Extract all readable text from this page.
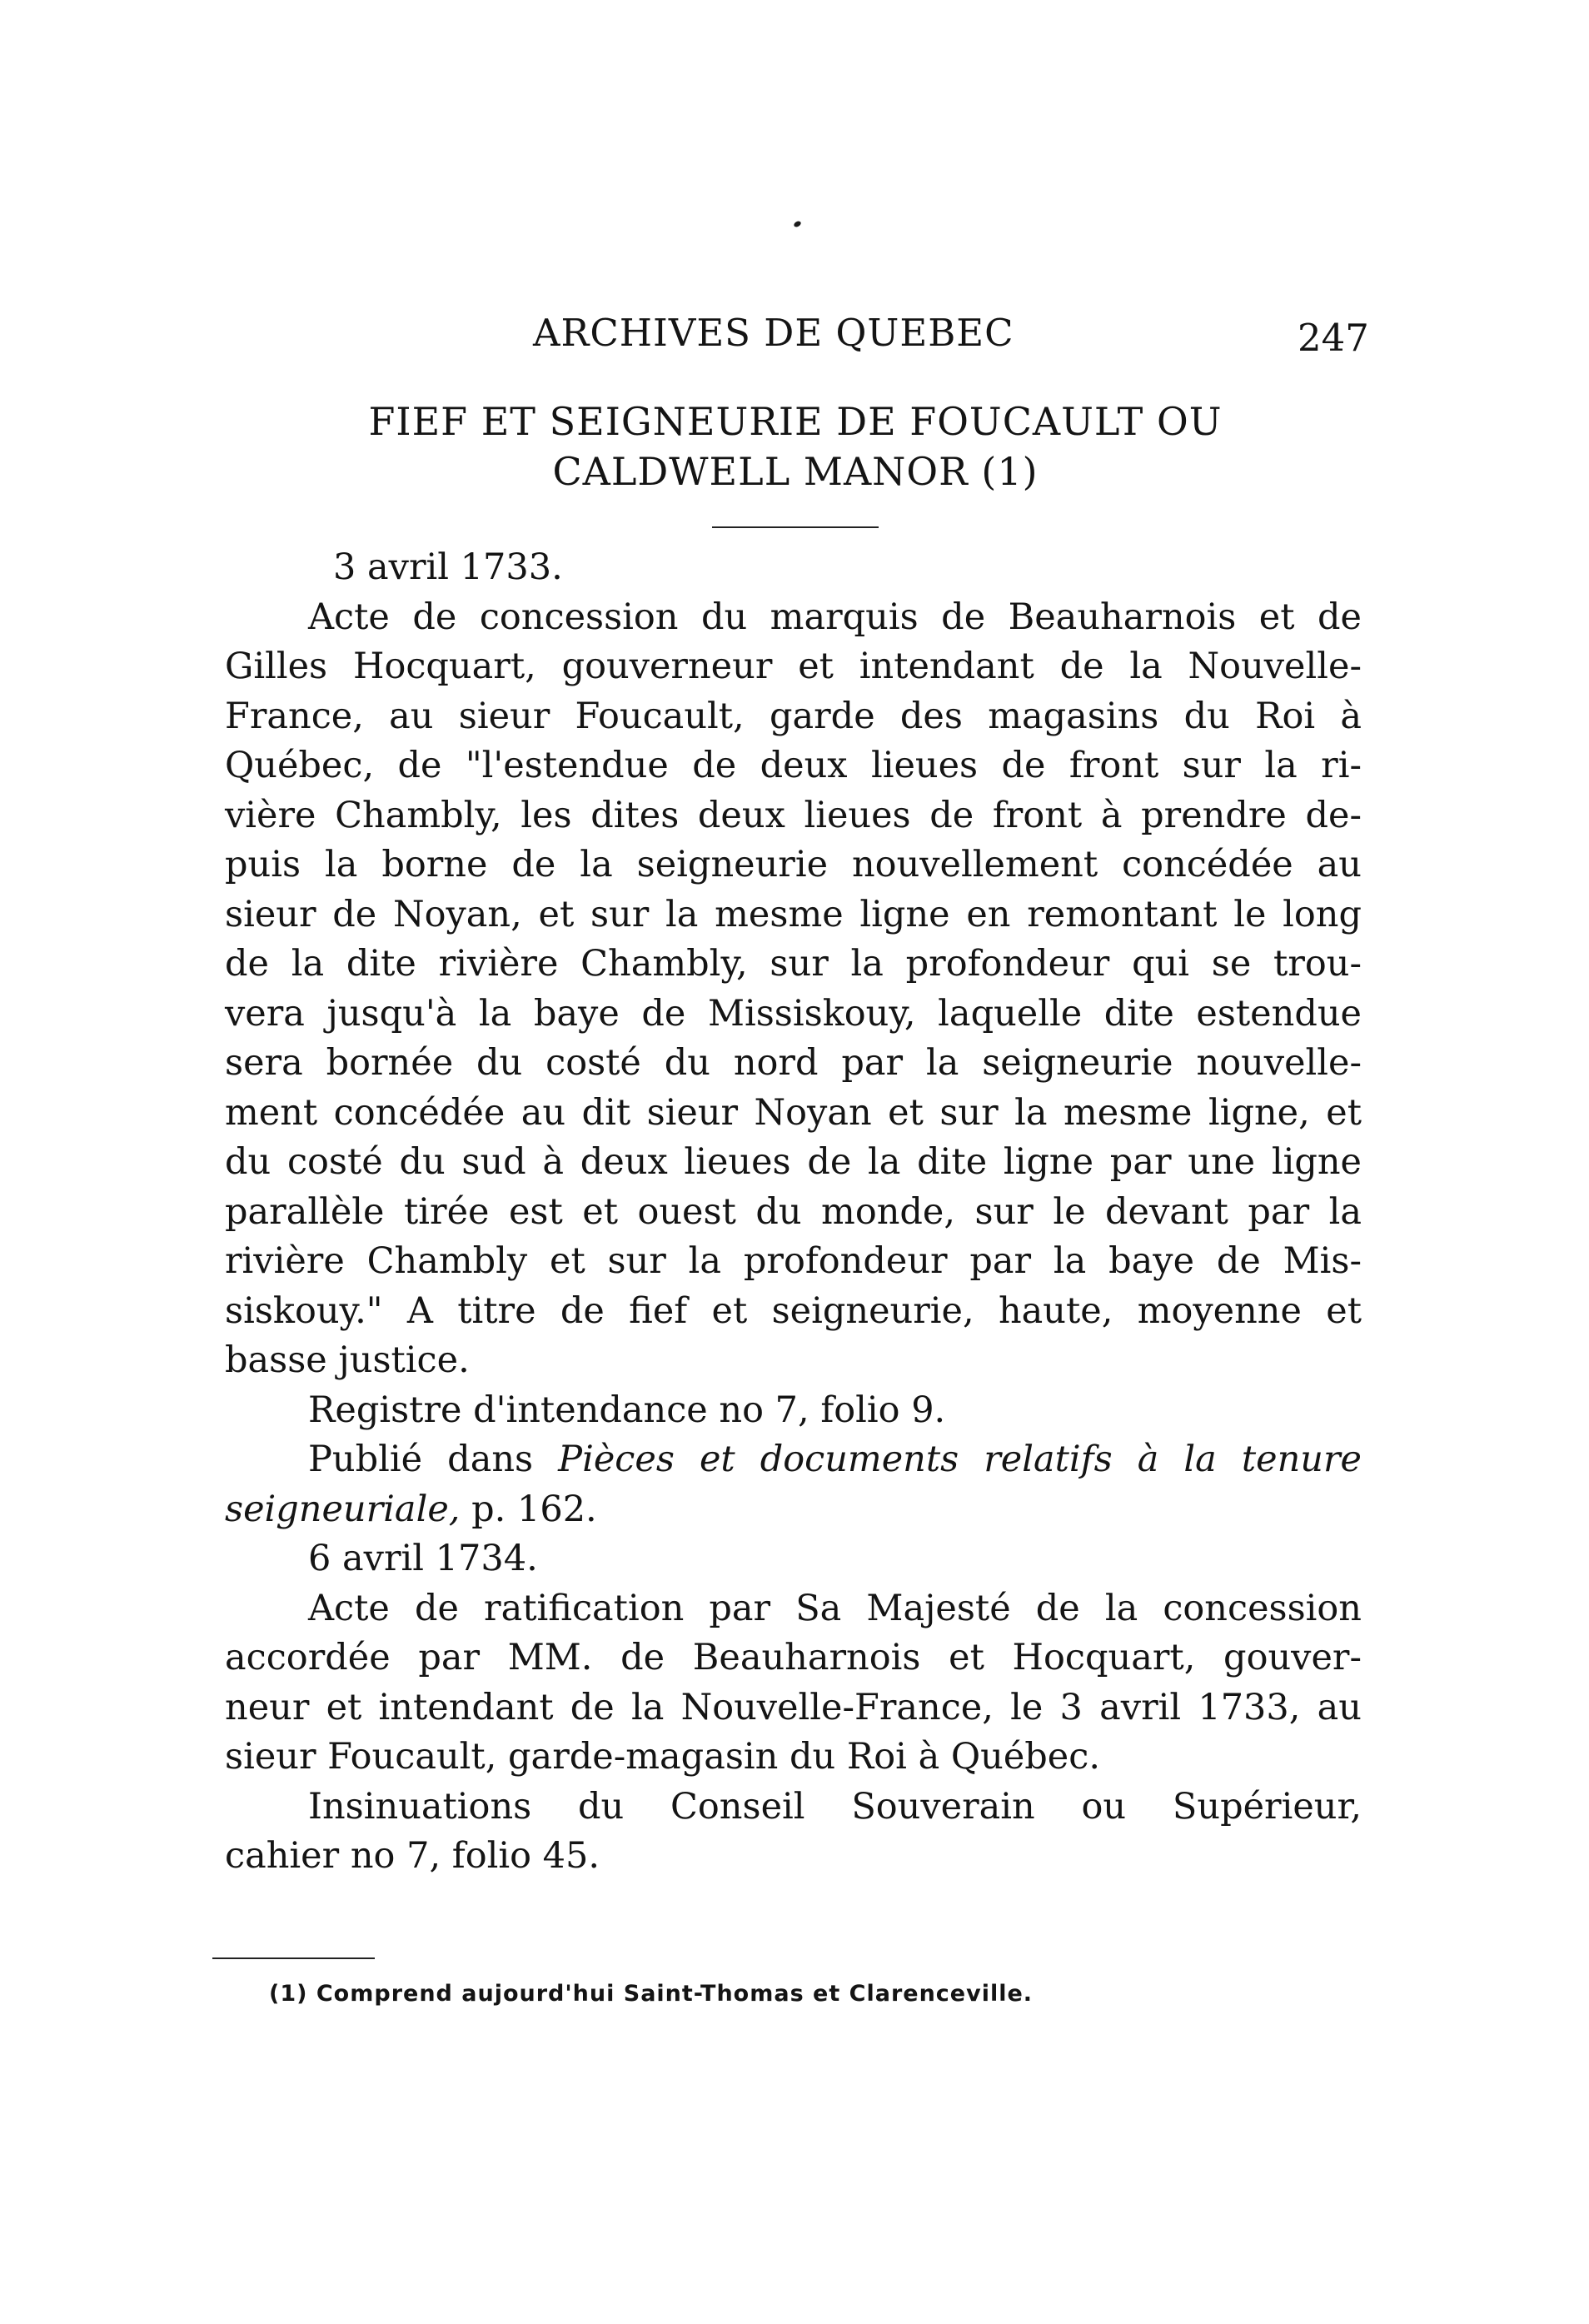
ARCHIVES DE QUEBEC	247
FIEF ET SEIGNEURIE DE FOUCAULT OU
CALDWELL MANOR (1)
3 avril 1733.
Acte de concession du marquis de Beauharnois et de
Gilles Hocquart, gouverneur et intendant de la Nouvelle-
France, au sieur Foucault, garde des magasins du Roi à
Québec, de "l'estendue de deux lieues de front sur la ri-
vière Chambly, les dites deux lieues de front à prendre de-
puis la borne de la seigneurie nouvellement concédée au
sieur de Noyan, et sur la mesme ligne en remontant le long
de la dite rivière Chambly, sur la profondeur qui se trou-
vera jusqu'à la baye de Missiskouy, laquelle dite estendue
sera bornée du costé du nord par la seigneurie nouvelle-
ment concédée au dit sieur Noyan et sur la mesme ligne, et
du costé du sud à deux lieues de la dite ligne par une ligne
parallèle tirée est et ouest du monde, sur le devant par la
rivière Chambly et sur la profondeur par la baye de Mis-
siskouy." A titre de fief et seigneurie, haute, moyenne et
basse justice.
Registre d'intendance no 7, folio 9.
Publié dans Pièces et documents relatifs à la tenure
seigneuriale, p. 162.
6 avril 1734.
Acte de ratification par Sa Majesté de la concession
accordée par MM. de Beauharnois et Hocquart, gouver-
neur et intendant de la Nouvelle-France, le 3 avril 1733, au
sieur Foucault, garde-magasin du Roi à Québec.
Insinuations du Conseil Souverain ou Supérieur,
cahier no 7, folio 45.
(1) Comprend aujourd'hui Saint-Thomas et Clarenceville.
